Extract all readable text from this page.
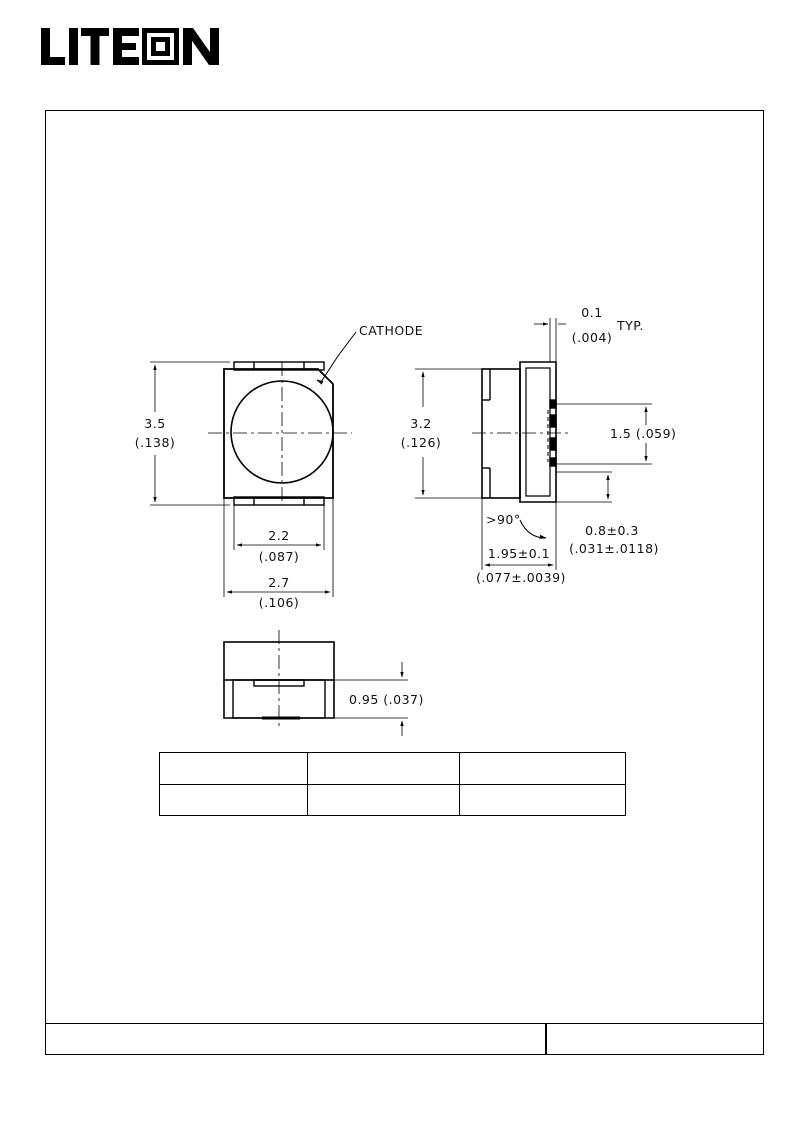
CATHODE
3.5
(.138)
2.2
(.087)
2.7
(.106)
3.2
(.126)
0.1
(.004)
TYP.
1.5 (.059)
>90°
0.8±0.3
(.031±.0118)
1.95±0.1
(.077±.0039)
0.95 (.037)
